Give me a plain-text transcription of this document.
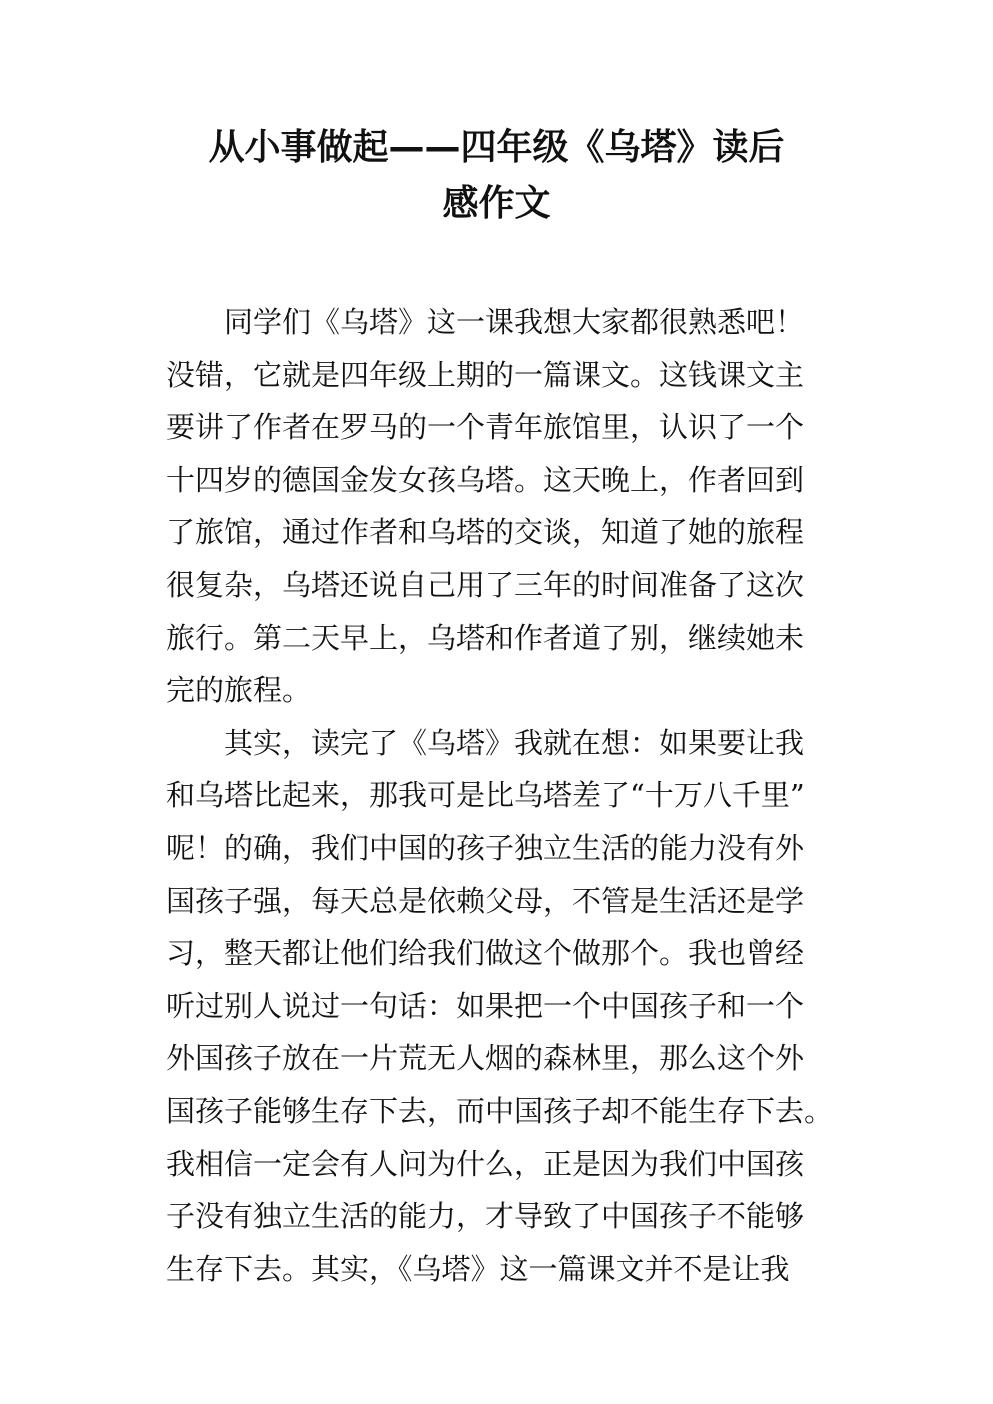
从小事做起——四年级《乌塔》读后
感作文
同学们《乌塔》这一课我想大家都很熟悉吧！
没错，它就是四年级上期的一篇课文。这钱课文主
要讲了作者在罗马的一个青年旅馆里，认识了一个
十四岁的德国金发女孩乌塔。这天晚上，作者回到
了旅馆，通过作者和乌塔的交谈，知道了她的旅程
很复杂，乌塔还说自己用了三年的时间准备了这次
旅行。第二天早上，乌塔和作者道了别，继续她未
完的旅程。
其实，读完了《乌塔》我就在想：如果要让我
和乌塔比起来，那我可是比乌塔差了“十万八千里”
呢！的确，我们中国的孩子独立生活的能力没有外
国孩子强，每天总是依赖父母，不管是生活还是学
习，整天都让他们给我们做这个做那个。我也曾经
听过别人说过一句话：如果把一个中国孩子和一个
外国孩子放在一片荒无人烟的森林里，那么这个外
国孩子能够生存下去，而中国孩子却不能生存下去。
我相信一定会有人问为什么，正是因为我们中国孩
子没有独立生活的能力，才导致了中国孩子不能够
生存下去。其实，《乌塔》这一篇课文并不是让我
